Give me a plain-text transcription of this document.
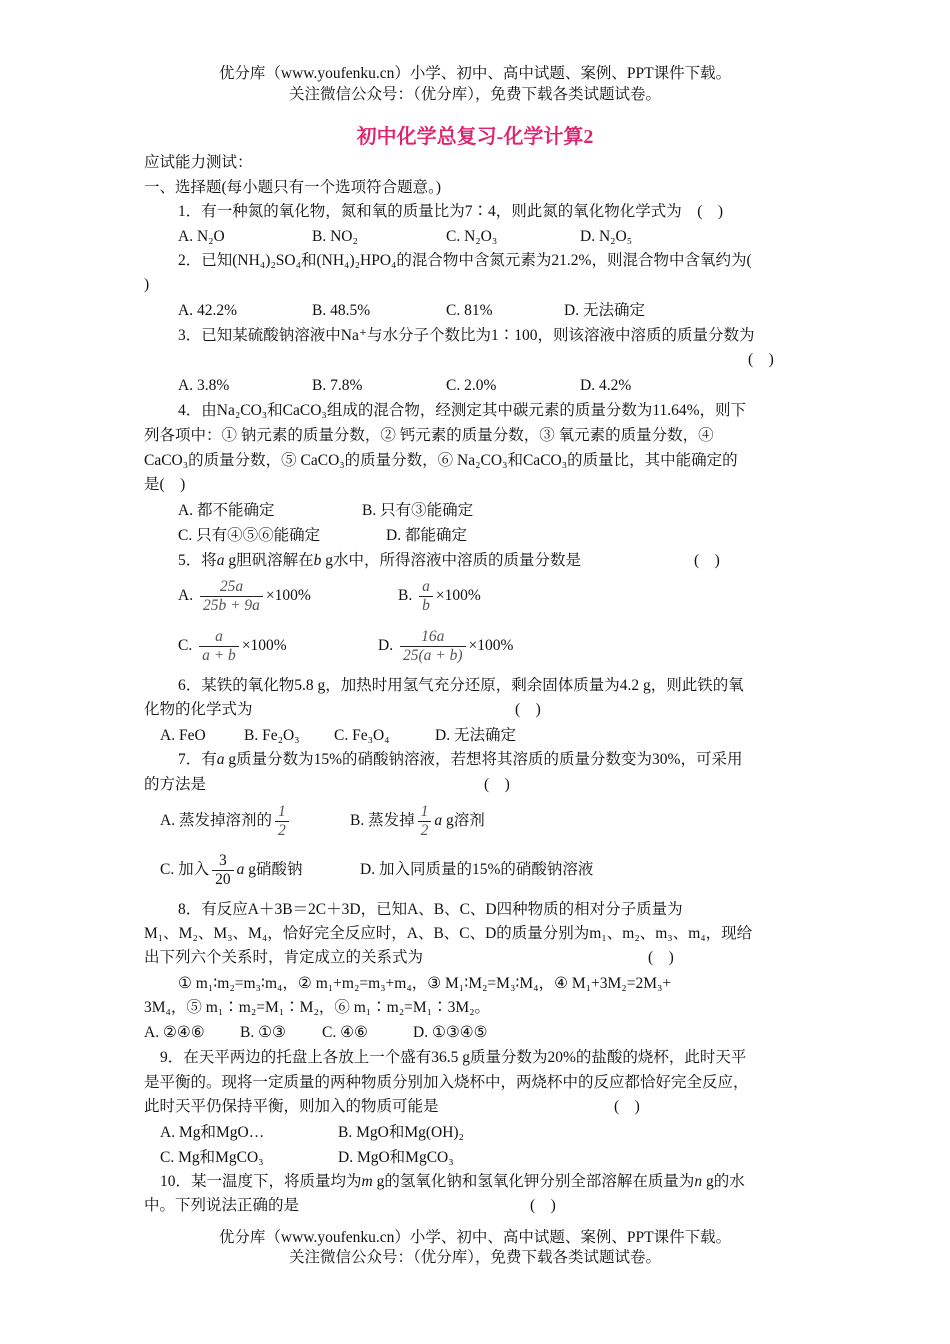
优分库（www.youfenku.cn）小学、初中、高中试题、案例、PPT课件下载。
关注微信公众号：（优分库），免费下载各类试题试卷。
初中化学总复习-化学计算2
应试能力测试：
一、选择题(每小题只有一个选项符合题意。)
1．有一种氮的氧化物，氮和氧的质量比为7∶4，则此氮的氧化物化学式为　(　)
A. N₂O	B. NO₂	C. N₂O₃	D. N₂O₅
2．已知(NH₄)₂SO₄和(NH₄)₂HPO₄的混合物中含氮元素为21.2%，则混合物中含氧约为(
)
A. 42.2%	B. 48.5%	C. 81%	D. 无法确定
3．已知某硫酸钠溶液中Na⁺与水分子个数比为1∶100，则该溶液中溶质的质量分数为
(　)
A. 3.8%	B. 7.8%	C. 2.0%	D. 4.2%
4．由Na₂CO₃和CaCO₃组成的混合物，经测定其中碳元素的质量分数为11.64%，则下
列各项中：① 钠元素的质量分数，② 钙元素的质量分数，③ 氧元素的质量分数，④
CaCO₃的质量分数，⑤ CaCO₃的质量分数，⑥ Na₂CO₃和CaCO₃的质量比，其中能确定的
是(　)
A. 都不能确定	B. 只有③能确定
C. 只有④⑤⑥能确定	D. 都能确定
5．将a g胆矾溶解在b g水中，所得溶液中溶质的质量分数是	(　)
A. $\frac{25a}{25b + 9a} \times 100\%$	B. $\frac{a}{b} \times 100\%$
C. $\frac{a}{a + b} \times 100\%$	D. $\frac{16a}{25(a + b)} \times 100\%$
6．某铁的氧化物5.8 g，加热时用氢气充分还原，剩余固体质量为4.2 g，则此铁的氧
化物的化学式为	(　)
A. FeO B. Fe₂O₃ C. Fe₃O₄	D. 无法确定
7．有a g质量分数为15%的硝酸钠溶液，若想将其溶质的质量分数变为30%，可采用
的方法是	(　)
A. 蒸发掉溶剂的 $\frac{1}{2}$	B. 蒸发掉 $\frac{1}{2}$ a g溶剂
C. 加入 $\frac{3}{20}$ a g硝酸钠	D. 加入同质量的15%的硝酸钠溶液
8．有反应A＋3B＝2C＋3D，已知A、B、C、D四种物质的相对分子质量为
M₁、M₂、M₃、M₄，恰好完全反应时，A、B、C、D的质量分别为m₁、m₂、m₃、m₄，现给
出下列六个关系时，肯定成立的关系式为	(　)
① m₁∶m₂=m₃∶m₄，② m₁+m₂=m₃+m₄，③ M₁∶M₂=M₃∶M₄，④ M₁+3M₂=2M₃+
3M₄，⑤ m₁∶m₂=M₁∶M₂，⑥ m₁∶m₂=M₁∶3M₂。
A. ②④⑥ B. ①③ C. ④⑥	D. ①③④⑤
9．在天平两边的托盘上各放上一个盛有36.5 g质量分数为20%的盐酸的烧杯，此时天平
是平衡的。现将一定质量的两种物质分别加入烧杯中，两烧杯中的反应都恰好完全反应，
此时天平仍保持平衡，则加入的物质可能是	(　)
A. Mg和MgO…	B. MgO和Mg(OH)₂
C. Mg和MgCO₃	D. MgO和MgCO₃
10．某一温度下，将质量均为m g的氢氧化钠和氢氧化钾分别全部溶解在质量为n g的水
中。下列说法正确的是	(　)
优分库（www.youfenku.cn）小学、初中、高中试题、案例、PPT课件下载。
关注微信公众号：（优分库），免费下载各类试题试卷。
